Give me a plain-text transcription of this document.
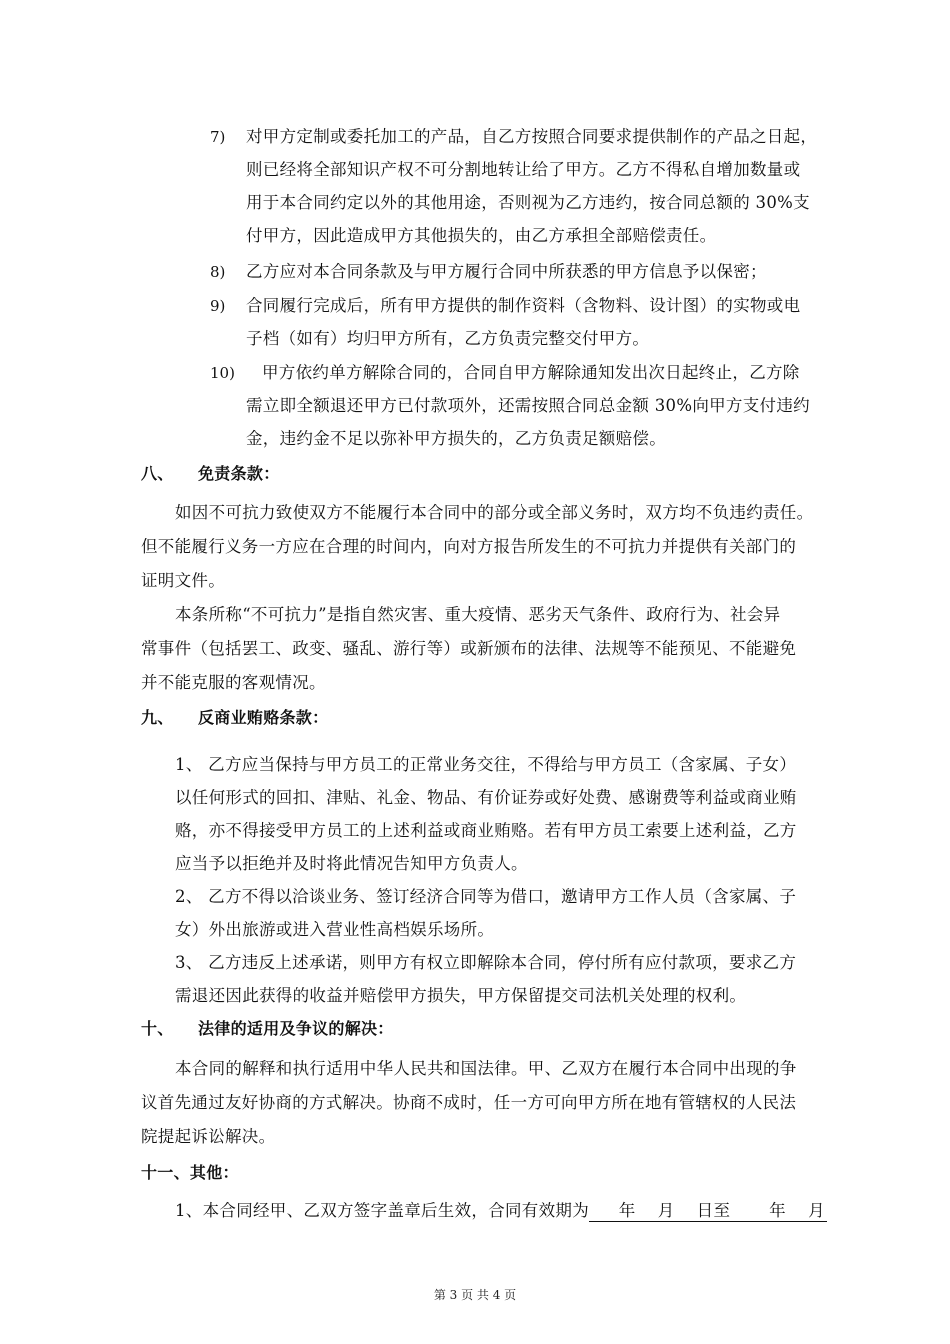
7) 对甲方定制或委托加工的产品，自乙方按照合同要求提供制作的产品之日起，
则已经将全部知识产权不可分割地转让给了甲方。乙方不得私自增加数量或
用于本合同约定以外的其他用途，否则视为乙方违约，按合同总额的 30%支
付甲方，因此造成甲方其他损失的，由乙方承担全部赔偿责任。
8) 乙方应对本合同条款及与甲方履行合同中所获悉的甲方信息予以保密；
9) 合同履行完成后，所有甲方提供的制作资料（含物料、设计图）的实物或电
子档（如有）均归甲方所有，乙方负责完整交付甲方。
10) 甲方依约单方解除合同的，合同自甲方解除通知发出次日起终止，乙方除
需立即全额退还甲方已付款项外，还需按照合同总金额 30%向甲方支付违约
金，违约金不足以弥补甲方损失的，乙方负责足额赔偿。
八、 免责条款：
如因不可抗力致使双方不能履行本合同中的部分或全部义务时，双方均不负违约责任。
但不能履行义务一方应在合理的时间内，向对方报告所发生的不可抗力并提供有关部门的
证明文件。
本条所称“不可抗力”是指自然灾害、重大疫情、恶劣天气条件、政府行为、社会异
常事件（包括罢工、政变、骚乱、游行等）或新颁布的法律、法规等不能预见、不能避免
并不能克服的客观情况。
九、 反商业贿赂条款：
1、 乙方应当保持与甲方员工的正常业务交往，不得给与甲方员工（含家属、子女）
以任何形式的回扣、津贴、礼金、物品、有价证券或好处费、感谢费等利益或商业贿
赂，亦不得接受甲方员工的上述利益或商业贿赂。若有甲方员工索要上述利益，乙方
应当予以拒绝并及时将此情况告知甲方负责人。
2、 乙方不得以洽谈业务、签订经济合同等为借口，邀请甲方工作人员（含家属、子
女）外出旅游或进入营业性高档娱乐场所。
3、 乙方违反上述承诺，则甲方有权立即解除本合同，停付所有应付款项，要求乙方
需退还因此获得的收益并赔偿甲方损失，甲方保留提交司法机关处理的权利。
十、 法律的适用及争议的解决：
本合同的解释和执行适用中华人民共和国法律。甲、乙双方在履行本合同中出现的争
议首先通过友好协商的方式解决。协商不成时，任一方可向甲方所在地有管辖权的人民法
院提起诉讼解决。
十一、其他：
1、本合同经甲、乙双方签字盖章后生效，合同有效期为     年    月    日至       年    月
第 3 页 共 4 页
